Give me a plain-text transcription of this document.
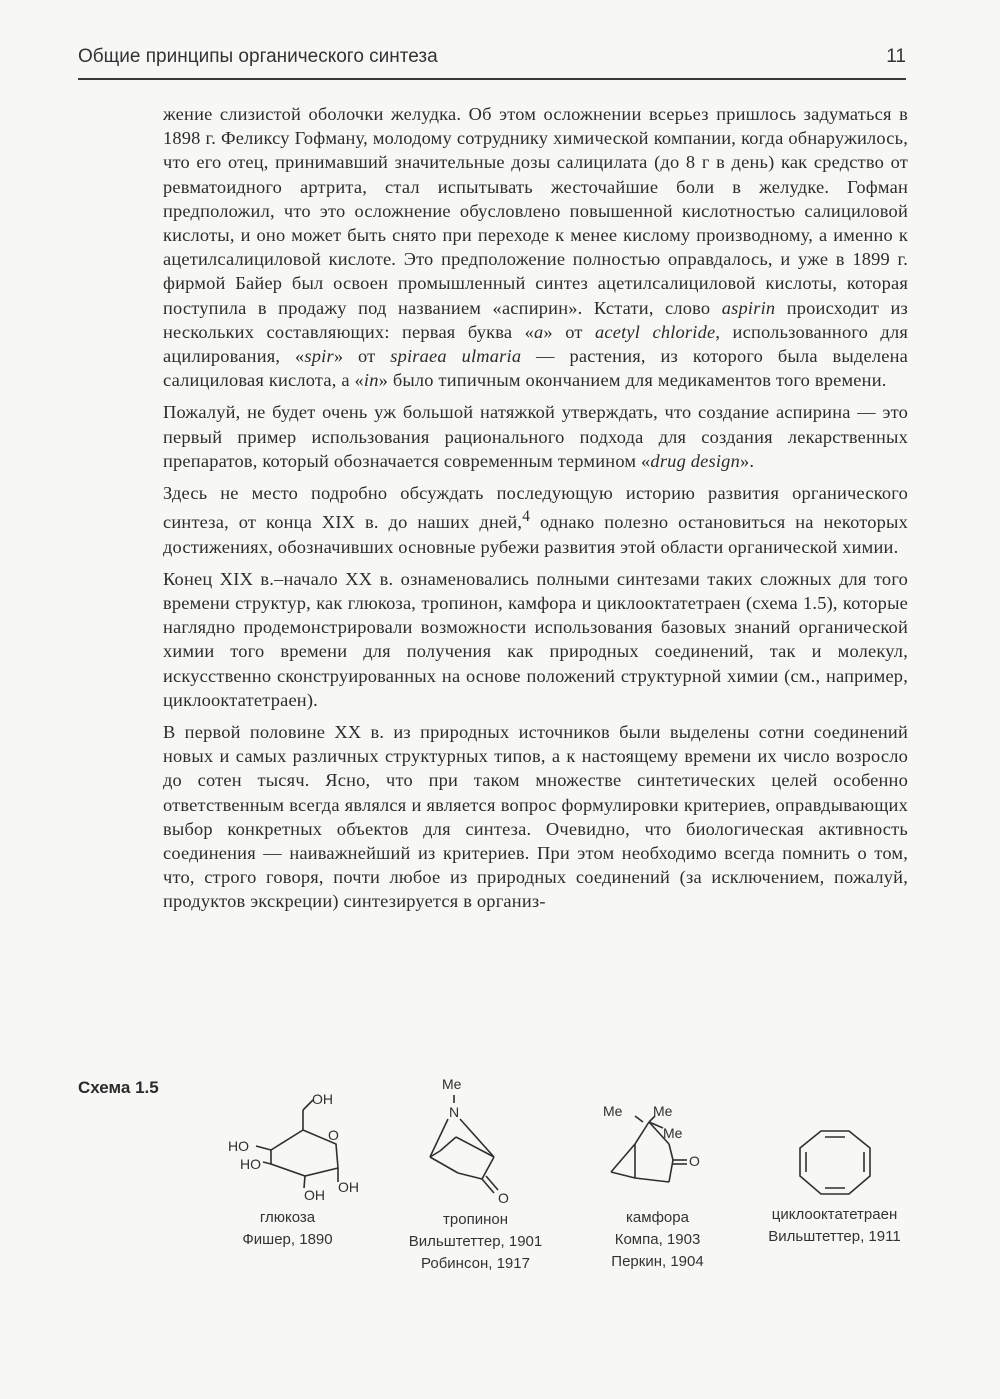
Общие принципы органического синтеза	11

жение слизистой оболочки желудка. Об этом осложнении всерьез пришлось задуматься в 1898 г. Феликсу Гофману, молодому сотруднику химической компании, когда обнаружилось, что его отец, принимавший значительные дозы салицилата (до 8 г в день) как средство от ревматоидного артрита, стал испытывать жесточайшие боли в желудке. Гофман предположил, что это осложнение обусловлено повышенной кислотностью салициловой кислоты, и оно может быть снято при переходе к менее кислому производному, а именно к ацетилсалициловой кислоте. Это предположение полностью оправдалось, и уже в 1899 г. фирмой Байер был освоен промышленный синтез ацетилсалициловой кислоты, которая поступила в продажу под названием «аспирин». Кстати, слово aspirin происходит из нескольких составляющих: первая буква «a» от acetyl chloride, использованного для ацилирования, «spir» от spiraea ulmaria — растения, из которого была выделена салициловая кислота, а «in» было типичным окончанием для медикаментов того времени.

Пожалуй, не будет очень уж большой натяжкой утверждать, что создание аспирина — это первый пример использования рационального подхода для создания лекарственных препаратов, который обозначается современным термином «drug design».

Здесь не место подробно обсуждать последующую историю развития органического синтеза, от конца XIX в. до наших дней,$^4$ однако полезно остановиться на некоторых достижениях, обозначивших основные рубежи развития этой области органической химии.

Конец XIX в.–начало XX в. ознаменовались полными синтезами таких сложных для того времени структур, как глюкоза, тропинон, камфора и циклооктатетраен (схема 1.5), которые наглядно продемонстрировали возможности использования базовых знаний органической химии того времени для получения как природных соединений, так и молекул, искусственно сконструированных на основе положений структурной химии (см., например, циклооктатетраен).

В первой половине XX в. из природных источников были выделены сотни соединений новых и самых различных структурных типов, а к настоящему времени их число возросло до сотен тысяч. Ясно, что при таком множестве синтетических целей особенно ответственным всегда являлся и является вопрос формулировки критериев, оправдывающих выбор конкретных объектов для синтеза. Очевидно, что биологическая активность соединения — наиважнейший из критериев. При этом необходимо всегда помнить о том, что, строго говоря, почти любое из природных соединений (за исключением, пожалуй, продуктов экскреции) синтезируется в организ-

Схема 1.5
OH
HO
HO
O
OH OH
глюкоза
Фишер, 1890
Me
N
O
тропинон
Вильштеттер, 1901
Робинсон, 1917
Me Me
Me
O
камфора
Компа, 1903
Перкин, 1904
циклооктатетраен
Вильштеттер, 1911
